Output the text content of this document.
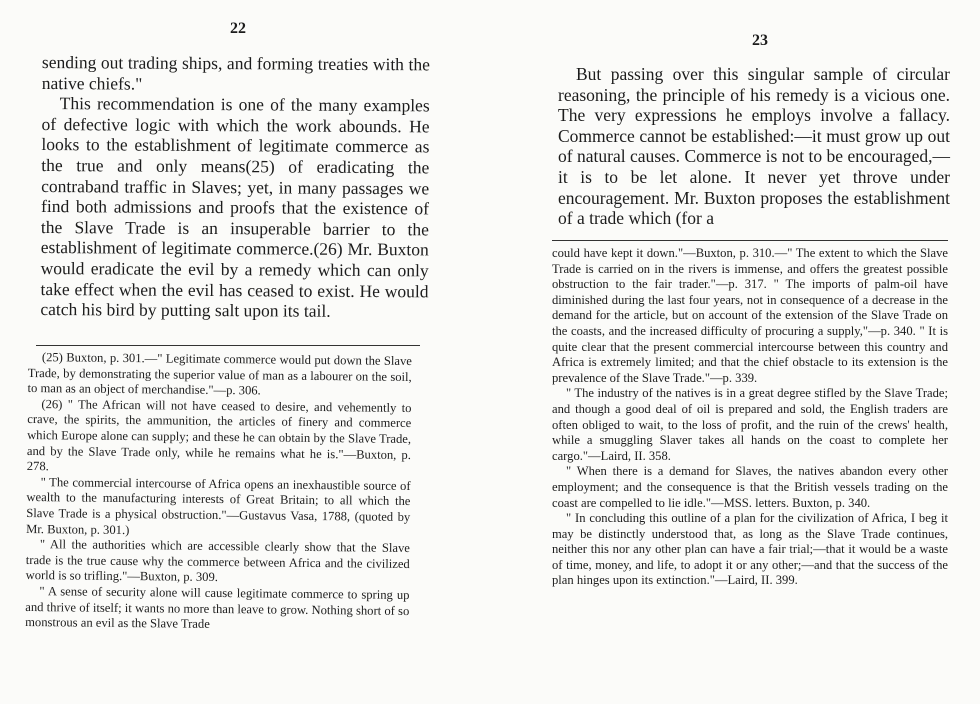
22

sending out trading ships, and forming treaties with the native chiefs."

This recommendation is one of the many examples of defective logic with which the work abounds. He looks to the establishment of legitimate commerce as the true and only means(25) of eradicating the contraband traffic in Slaves; yet, in many passages we find both admissions and proofs that the existence of the Slave Trade is an insuperable barrier to the establishment of legitimate commerce.(26) Mr. Buxton would eradicate the evil by a remedy which can only take effect when the evil has ceased to exist. He would catch his bird by putting salt upon its tail.

(25) Buxton, p. 301.—" Legitimate commerce would put down the Slave Trade, by demonstrating the superior value of man as a labourer on the soil, to man as an object of merchandise."—p. 306.

(26) " The African will not have ceased to desire, and vehemently to crave, the spirits, the ammunition, the articles of finery and commerce which Europe alone can supply; and these he can obtain by the Slave Trade, and by the Slave Trade only, while he remains what he is."—Buxton, p. 278.

" The commercial intercourse of Africa opens an inexhaustible source of wealth to the manufacturing interests of Great Britain; to all which the Slave Trade is a physical obstruction."—Gustavus Vasa, 1788, (quoted by Mr. Buxton, p. 301.)

" All the authorities which are accessible clearly show that the Slave trade is the true cause why the commerce between Africa and the civilized world is so trifling."—Buxton, p. 309.

" A sense of security alone will cause legitimate commerce to spring up and thrive of itself; it wants no more than leave to grow. Nothing short of so monstrous an evil as the Slave Trade

23

But passing over this singular sample of circular reasoning, the principle of his remedy is a vicious one. The very expressions he employs involve a fallacy. Commerce cannot be established:—it must grow up out of natural causes. Commerce is not to be encouraged,—it is to be let alone. It never yet throve under encouragement. Mr. Buxton proposes the establishment of a trade which (for a

could have kept it down."—Buxton, p. 310.—" The extent to which the Slave Trade is carried on in the rivers is immense, and offers the greatest possible obstruction to the fair trader."—p. 317. " The imports of palm-oil have diminished during the last four years, not in consequence of a decrease in the demand for the article, but on account of the extension of the Slave Trade on the coasts, and the increased difficulty of procuring a supply,"—p. 340. " It is quite clear that the present commercial intercourse between this country and Africa is extremely limited; and that the chief obstacle to its extension is the prevalence of the Slave Trade."—p. 339.

" The industry of the natives is in a great degree stifled by the Slave Trade; and though a good deal of oil is prepared and sold, the English traders are often obliged to wait, to the loss of profit, and the ruin of the crews' health, while a smuggling Slaver takes all hands on the coast to complete her cargo."—Laird, II. 358.

" When there is a demand for Slaves, the natives abandon every other employment; and the consequence is that the British vessels trading on the coast are compelled to lie idle."—MSS. letters. Buxton, p. 340.

" In concluding this outline of a plan for the civilization of Africa, I beg it may be distinctly understood that, as long as the Slave Trade continues, neither this nor any other plan can have a fair trial;—that it would be a waste of time, money, and life, to adopt it or any other;—and that the success of the plan hinges upon its extinction."—Laird, II. 399.
